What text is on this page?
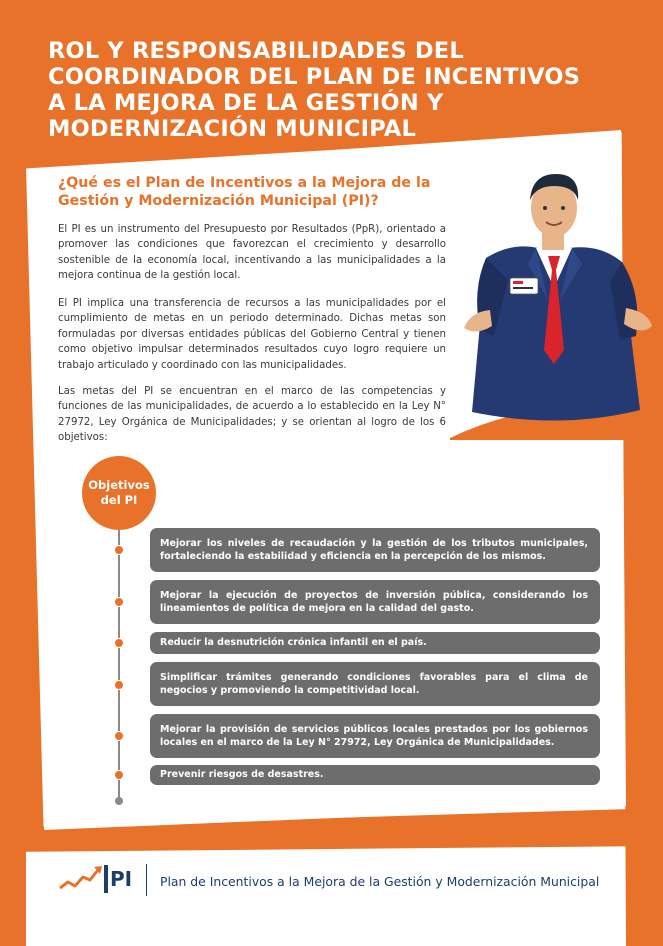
ROL Y RESPONSABILIDADES DEL
COORDINADOR DEL PLAN DE INCENTIVOS
A LA MEJORA DE LA GESTIÓN Y
MODERNIZACIÓN MUNICIPAL
¿Qué es el Plan de Incentivos a la Mejora de la Gestión y Modernización Municipal (PI)?

El PI es un instrumento del Presupuesto por Resultados (PpR), orientado a promover las condiciones que favorezcan el crecimiento y desarrollo sostenible de la economía local, incentivando a las municipalidades a la mejora continua de la gestión local.

El PI implica una transferencia de recursos a las municipalidades por el cumplimiento de metas en un periodo determinado. Dichas metas son formuladas por diversas entidades públicas del Gobierno Central y tienen como objetivo impulsar determinados resultados cuyo logro requiere un trabajo articulado y coordinado con las municipalidades.

Las metas del PI se encuentran en el marco de las competencias y funciones de las municipalidades, de acuerdo a lo establecido en la Ley N° 27972, Ley Orgánica de Municipalidades; y se orientan al logro de los 6 objetivos:

Objetivos
del PI
Mejorar los niveles de recaudación y la gestión de los tributos municipales, fortaleciendo la estabilidad y eficiencia en la percepción de los mismos.
Mejorar la ejecución de proyectos de inversión pública, considerando los lineamientos de política de mejora en la calidad del gasto.
Reducir la desnutrición crónica infantil en el país.
Simplificar trámites generando condiciones favorables para el clima de negocios y promoviendo la competitividad local.
Mejorar la provisión de servicios públicos locales prestados por los gobiernos locales en el marco de la Ley N° 27972, Ley Orgánica de Municipalidades.
Prevenir riesgos de desastres.
PI Plan de Incentivos a la Mejora de la Gestión y Modernización Municipal
